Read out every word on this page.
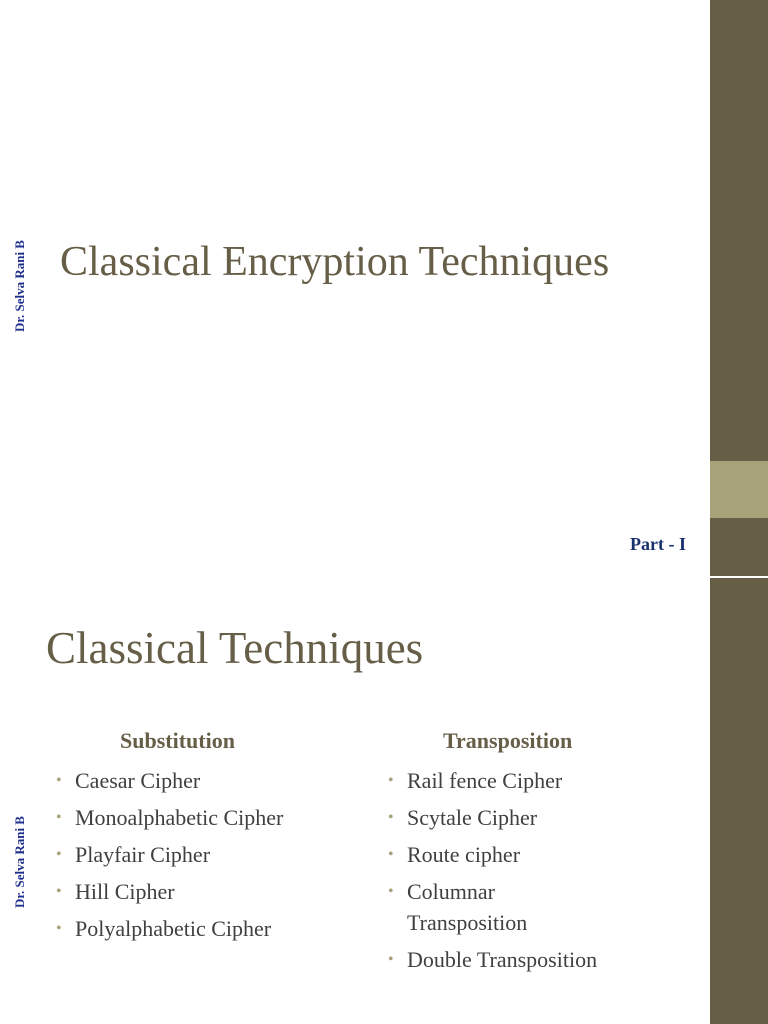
Dr. Selva Rani B Classical Encryption Techniques
Part - I
Dr. Selva Rani B
Classical Techniques
Substitution
• Caesar Cipher
• Monoalphabetic Cipher
• Playfair Cipher
• Hill Cipher
• Polyalphabetic Cipher
Transposition
• Rail fence Cipher
• Scytale Cipher
• Route cipher
• Columnar Transposition
• Double Transposition
